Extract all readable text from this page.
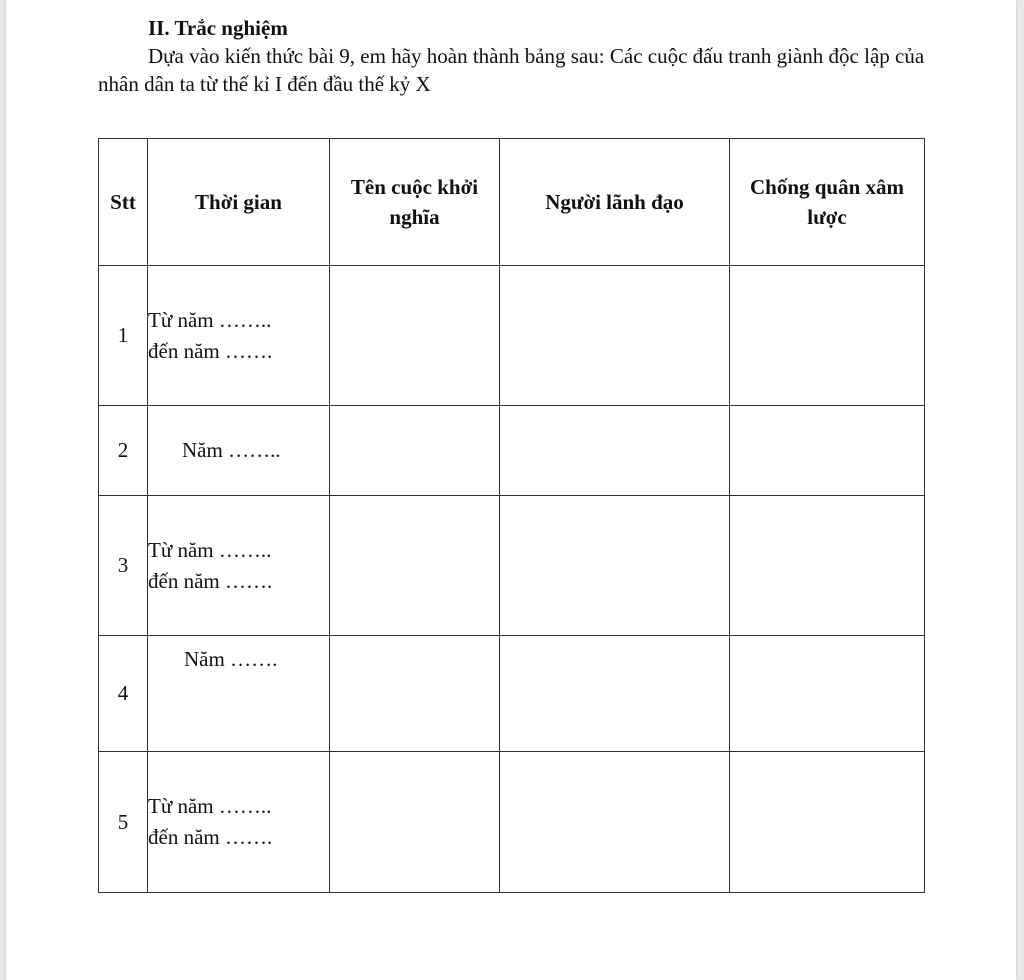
II. Trắc nghiệm

Dựa vào kiến thức bài 9, em hãy hoàn thành bảng sau: Các cuộc đấu tranh giành độc lập của nhân dân ta từ thế kỉ I đến đầu thế kỷ X

Stt	Thời gian	Tên cuộc khởi nghĩa	Người lãnh đạo	Chống quân xâm lược
1	Từ năm ……..
đến năm …….			

2	Năm ……..			

3	Từ năm ……..
đến năm …….			

4	Năm …….			

5	Từ năm ……..
đến năm …….			
